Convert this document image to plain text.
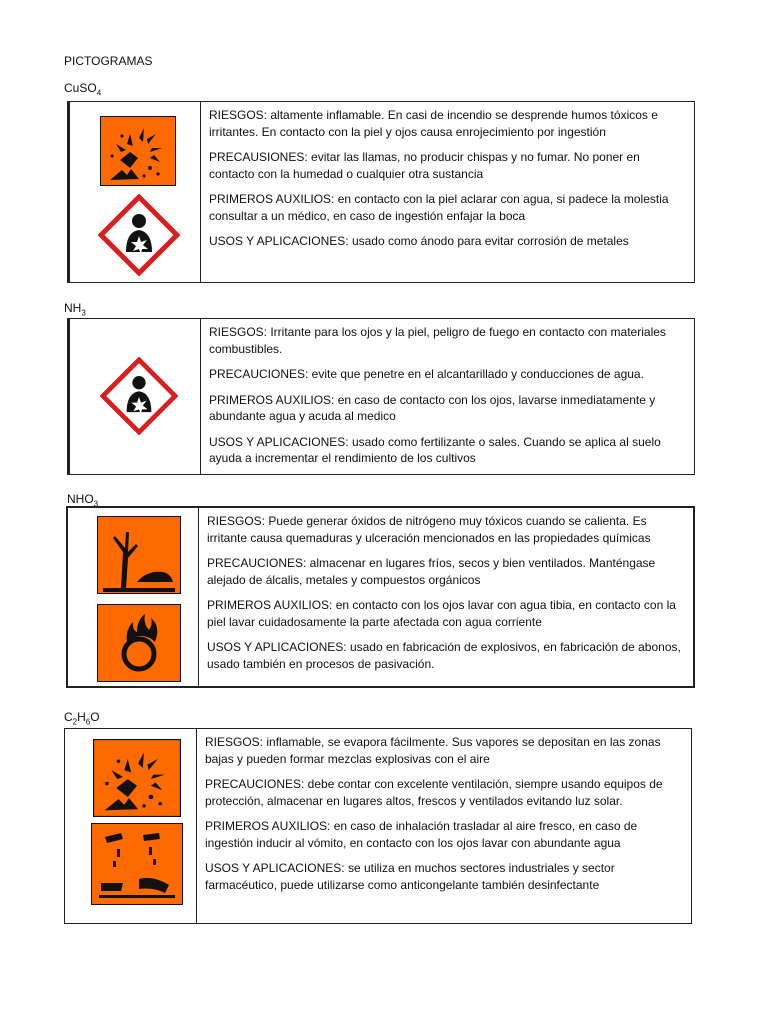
PICTOGRAMAS
CuSO$_4$

RIESGOS: altamente inflamable. En casi de incendio se desprende humos tóxicos e irritantes. En contacto con la piel y ojos causa enrojecimiento por ingestión

PRECAUSIONES: evitar las llamas, no producir chispas y no fumar. No poner en contacto con la humedad o cualquier otra sustancia

PRIMEROS AUXILIOS: en contacto con la piel aclarar con agua, si padece la molestia consultar a un médico, en caso de ingestión enfajar la boca

USOS Y APLICACIONES: usado como ánodo para evitar corrosión de metales

$NH_3$

RIESGOS: Irritante para los ojos y la piel, peligro de fuego en contacto con materiales combustibles.

PRECAUCIONES: evite que penetre en el alcantarillado y conducciones de agua.

PRIMEROS AUXILIOS: en caso de contacto con los ojos, lavarse inmediatamente y abundante agua y acuda al medico

USOS Y APLICACIONES: usado como fertilizante o sales. Cuando se aplica al suelo ayuda a incrementar el rendimiento de los cultivos

$NHO_3$

RIESGOS: Puede generar óxidos de nitrógeno muy tóxicos cuando se calienta. Es irritante causa quemaduras y ulceración mencionados en las propiedades químicas

PRECAUCIONES: almacenar en lugares fríos, secos y bien ventilados. Manténgase alejado de álcalis, metales y compuestos orgánicos

PRIMEROS AUXILIOS: en contacto con los ojos lavar con agua tibia, en contacto con la piel lavar cuidadosamente la parte afectada con agua corriente

USOS Y APLICACIONES: usado en fabricación de explosivos, en fabricación de abonos, usado también en procesos de pasivación.

$C_2H_6O$

RIESGOS: inflamable, se evapora fácilmente. Sus vapores se depositan en las zonas bajas y pueden formar mezclas explosivas con el aire

PRECAUCIONES: debe contar con excelente ventilación, siempre usando equipos de protección, almacenar en lugares altos, frescos y ventilados evitando luz solar.

PRIMEROS AUXILIOS: en caso de inhalación trasladar al aire fresco, en caso de ingestión inducir al vómito, en contacto con los ojos lavar con abundante agua

USOS Y APLICACIONES: se utiliza en muchos sectores industriales y sector farmacéutico, puede utilizarse como anticongelante también desinfectante
